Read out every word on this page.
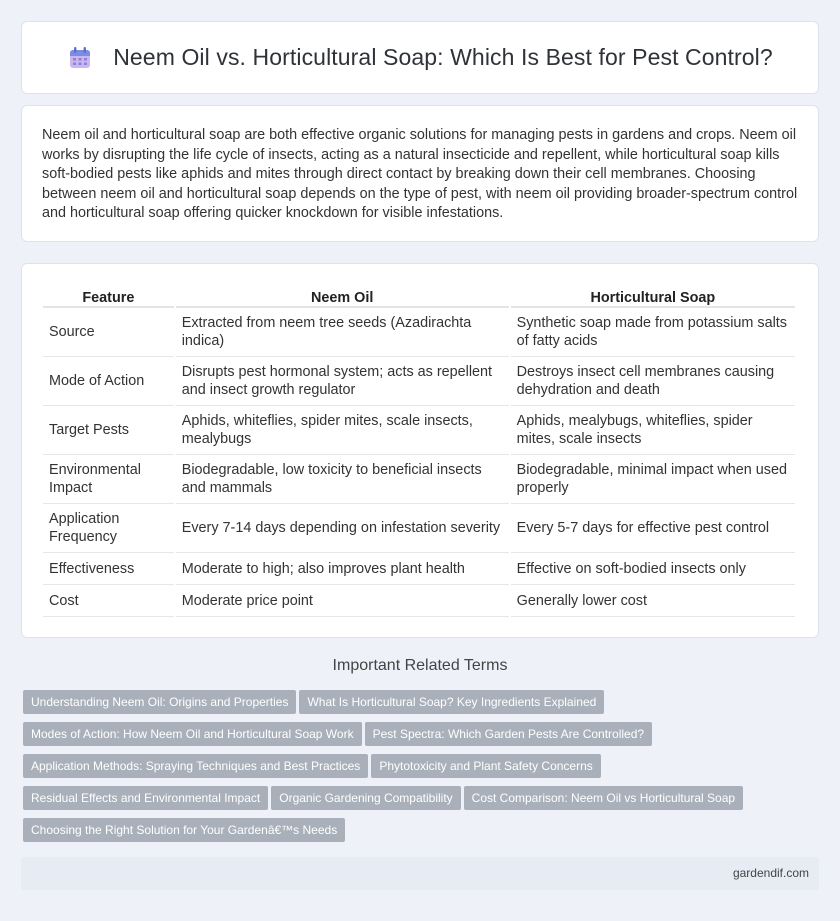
Neem Oil vs. Horticultural Soap: Which Is Best for Pest Control?

Neem oil and horticultural soap are both effective organic solutions for managing pests in gardens and crops. Neem oil works by disrupting the life cycle of insects, acting as a natural insecticide and repellent, while horticultural soap kills soft-bodied pests like aphids and mites through direct contact by breaking down their cell membranes. Choosing between neem oil and horticultural soap depends on the type of pest, with neem oil providing broader-spectrum control and horticultural soap offering quicker knockdown for visible infestations.

Feature	Neem Oil	Horticultural Soap
Source	Extracted from neem tree seeds (Azadirachta indica)	Synthetic soap made from potassium salts of fatty acids
Mode of Action	Disrupts pest hormonal system; acts as repellent and insect growth regulator	Destroys insect cell membranes causing dehydration and death
Target Pests	Aphids, whiteflies, spider mites, scale insects, mealybugs	Aphids, mealybugs, whiteflies, spider mites, scale insects
Environmental Impact	Biodegradable, low toxicity to beneficial insects and mammals	Biodegradable, minimal impact when used properly
Application Frequency	Every 7-14 days depending on infestation severity	Every 5-7 days for effective pest control
Effectiveness	Moderate to high; also improves plant health	Effective on soft-bodied insects only
Cost	Moderate price point	Generally lower cost
Important Related Terms
Understanding Neem Oil: Origins and Properties What Is Horticultural Soap? Key Ingredients Explained
Modes of Action: How Neem Oil and Horticultural Soap Work Pest Spectra: Which Garden Pests Are Controlled?
Application Methods: Spraying Techniques and Best Practices Phytotoxicity and Plant Safety Concerns
Residual Effects and Environmental Impact Organic Gardening Compatibility Cost Comparison: Neem Oil vs Horticultural Soap
Choosing the Right Solution for Your Gardenâ€™s Needs
gardendif.com
